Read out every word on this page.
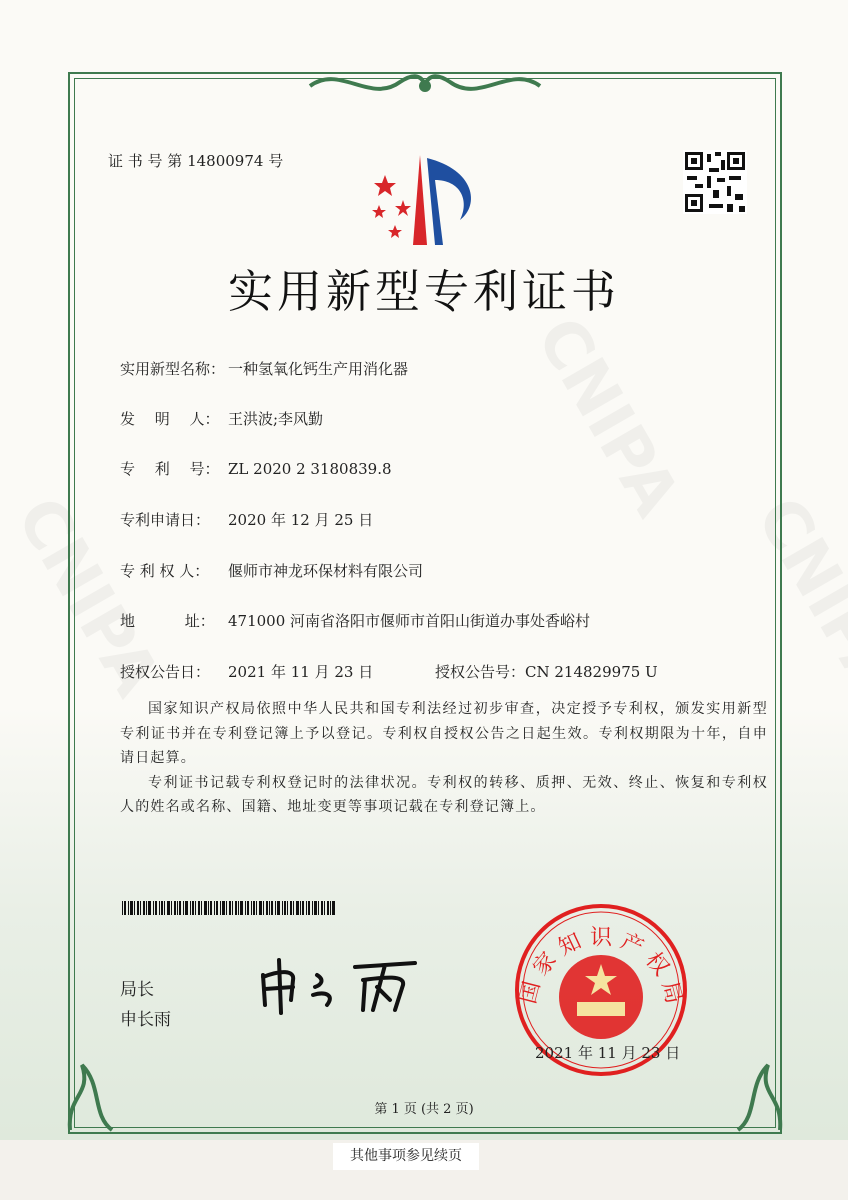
证 书 号 第 14800974 号
实用新型专利证书
实用新型名称： 一种氢氧化钙生产用消化器
发　 明　 人： 王洪波;李风勤
专　 利　 号： ZL 2020 2 3180839.8
专利申请日： 2020 年 12 月 25 日
专 利 权 人： 偃师市神龙环保材料有限公司
地　　　 址： 471000 河南省洛阳市偃师市首阳山街道办事处香峪村
授权公告日： 2021 年 11 月 23 日	授权公告号：CN 214829975 U

国家知识产权局依照中华人民共和国专利法经过初步审查，决定授予专利权，颁发实用新型专利证书并在专利登记簿上予以登记。专利权自授权公告之日起生效。专利权期限为十年，自申请日起算。

专利证书记载专利权登记时的法律状况。专利权的转移、质押、无效、终止、恢复和专利权人的姓名或名称、国籍、地址变更等事项记载在专利登记簿上。

局长
申长雨
国 家 知 识 产 权 局
2021 年 11 月 23 日
第 1 页 (共 2 页)
其他事项参见续页
